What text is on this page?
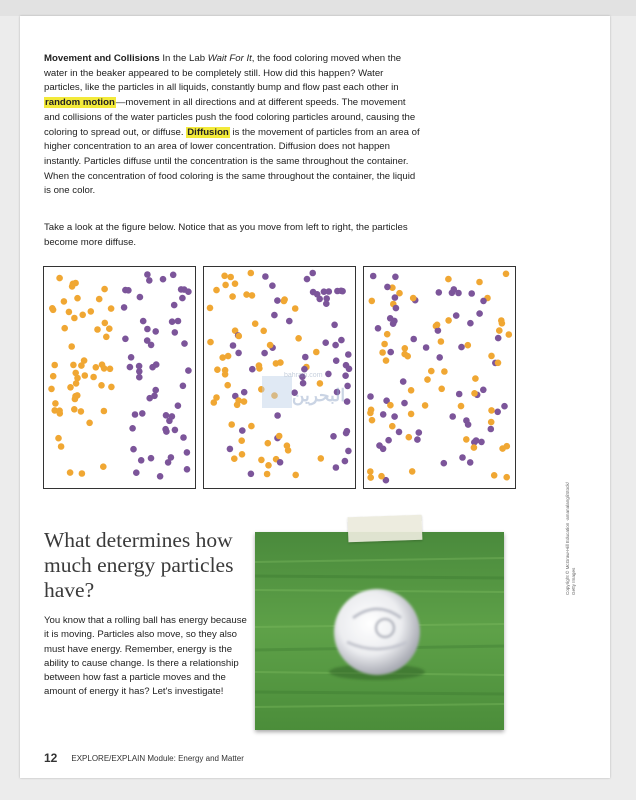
Movement and Collisions In the Lab Wait For It, the food coloring moved when the water in the beaker appeared to be completely still. How did this happen? Water particles, like the particles in all liquids, constantly bump and flow past each other in random motion—movement in all directions and at different speeds. The movement and collisions of the water particles push the food coloring particles around, causing the coloring to spread out, or diffuse. Diffusion is the movement of particles from an area of higher concentration to an area of lower concentration. Diffusion does not happen instantly. Particles diffuse until the concentration is the same throughout the container. When the concentration of food coloring is the same throughout the container, the liquid is one color.

Take a look at the figure below. Notice that as you move from left to right, the particles become more diffuse.

bahrain.com
البحرين
What determines how much energy particles have?

You know that a rolling ball has energy because it is moving. Particles also move, so they also must have energy. Remember, energy is the ability to cause change. Is there a relationship between how fast a particle moves and the amount of energy it has? Let's investigate!

Copyright © McGraw-Hill Education ·amanalang/iStock/ Getty Images
12 EXPLORE/EXPLAIN Module: Energy and Matter
